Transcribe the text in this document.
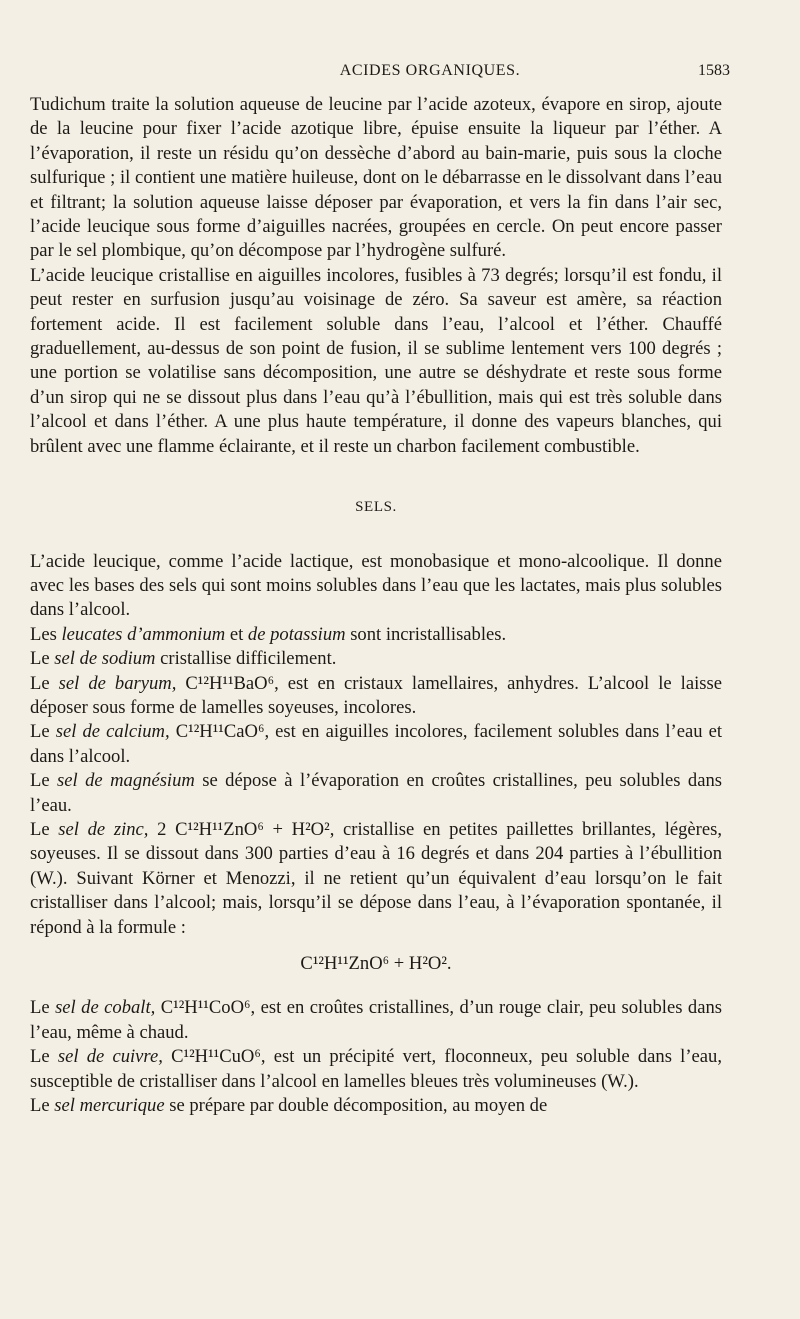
ACIDES ORGANIQUES.	1583

Tudichum traite la solution aqueuse de leucine par l’acide azoteux, évapore en sirop, ajoute de la leucine pour fixer l’acide azotique libre, épuise ensuite la liqueur par l’éther. A l’évaporation, il reste un résidu qu’on dessèche d’abord au bain-marie, puis sous la cloche sulfurique ; il contient une matière huileuse, dont on le débarrasse en le dissolvant dans l’eau et filtrant; la solution aqueuse laisse déposer par évaporation, et vers la fin dans l’air sec, l’acide leucique sous forme d’aiguilles nacrées, groupées en cercle. On peut encore passer par le sel plombique, qu’on décompose par l’hydrogène sulfuré.

L’acide leucique cristallise en aiguilles incolores, fusibles à 73 degrés; lorsqu’il est fondu, il peut rester en surfusion jusqu’au voisinage de zéro. Sa saveur est amère, sa réaction fortement acide. Il est facilement soluble dans l’eau, l’alcool et l’éther. Chauffé graduellement, au-dessus de son point de fusion, il se sublime lentement vers 100 degrés ; une portion se volatilise sans décomposition, une autre se déshydrate et reste sous forme d’un sirop qui ne se dissout plus dans l’eau qu’à l’ébullition, mais qui est très soluble dans l’alcool et dans l’éther. A une plus haute température, il donne des vapeurs blanches, qui brûlent avec une flamme éclairante, et il reste un charbon facilement combustible.

SELS.

L’acide leucique, comme l’acide lactique, est monobasique et mono-alcoolique. Il donne avec les bases des sels qui sont moins solubles dans l’eau que les lactates, mais plus solubles dans l’alcool.

Les leucates d’ammonium et de potassium sont incristallisables.

Le sel de sodium cristallise difficilement.

Le sel de baryum, C¹²H¹¹BaO⁶, est en cristaux lamellaires, anhydres. L’alcool le laisse déposer sous forme de lamelles soyeuses, incolores.

Le sel de calcium, C¹²H¹¹CaO⁶, est en aiguilles incolores, facilement solubles dans l’eau et dans l’alcool.

Le sel de magnésium se dépose à l’évaporation en croûtes cristallines, peu solubles dans l’eau.

Le sel de zinc, 2 C¹²H¹¹ZnO⁶ + H²O², cristallise en petites paillettes brillantes, légères, soyeuses. Il se dissout dans 300 parties d’eau à 16 degrés et dans 204 parties à l’ébullition (W.). Suivant Körner et Menozzi, il ne retient qu’un équivalent d’eau lorsqu’on le fait cristalliser dans l’alcool; mais, lorsqu’il se dépose dans l’eau, à l’évaporation spontanée, il répond à la formule :

C¹²H¹¹ZnO⁶ + H²O².

Le sel de cobalt, C¹²H¹¹CoO⁶, est en croûtes cristallines, d’un rouge clair, peu solubles dans l’eau, même à chaud.

Le sel de cuivre, C¹²H¹¹CuO⁶, est un précipité vert, floconneux, peu soluble dans l’eau, susceptible de cristalliser dans l’alcool en lamelles bleues très volumineuses (W.).

Le sel mercurique se prépare par double décomposition, au moyen de
